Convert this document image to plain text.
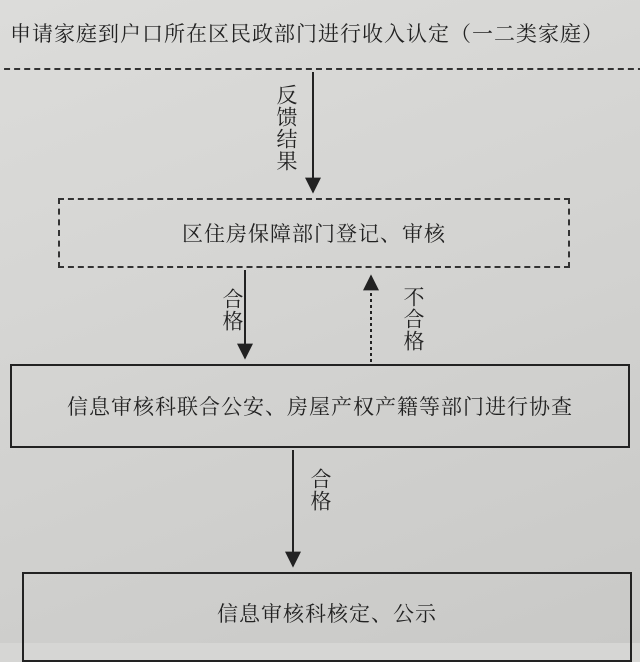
申请家庭到户口所在区民政部门进行收入认定（一二类家庭）
区住房保障部门登记、审核
信息审核科联合公安、房屋产权产籍等部门进行协查
信息审核科核定、公示
反馈结果
合格	不合格
合格
